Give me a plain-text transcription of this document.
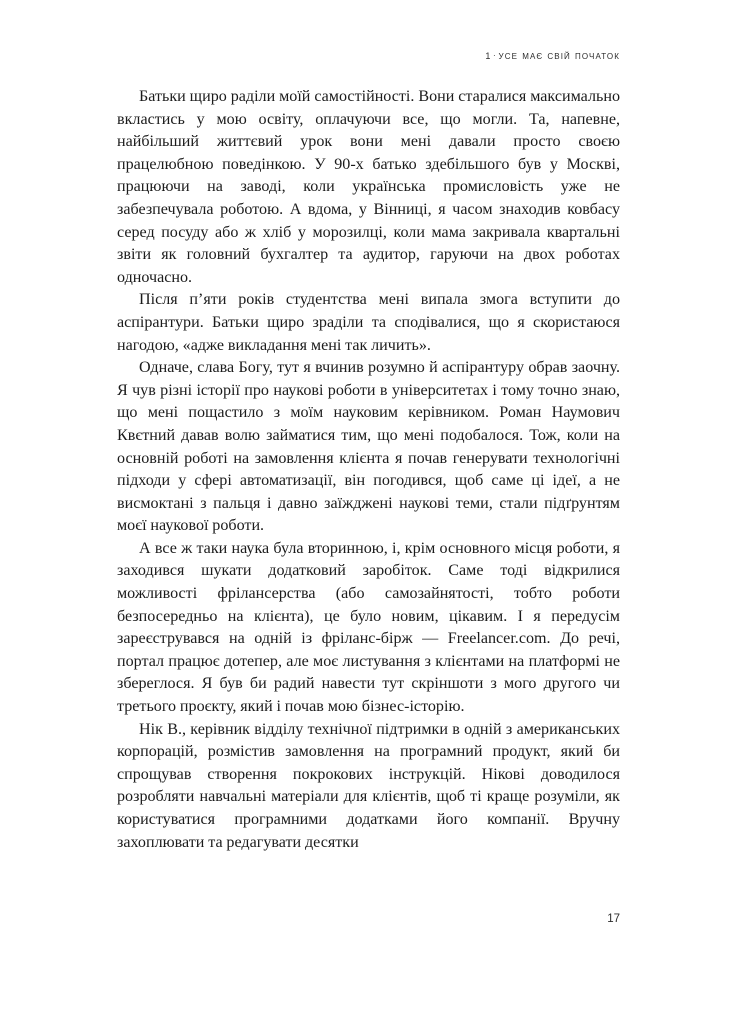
1 · усе має свій початок

Батьки щиро раділи моїй самостійності. Вони старалися максимально вкластись у мою освіту, оплачуючи все, що могли. Та, напевне, найбільший життєвий урок вони мені давали просто своєю працелюбною поведінкою. У 90-х батько здебільшого був у Москві, працюючи на заводі, коли українська промисловість уже не забезпечувала роботою. А вдома, у Вінниці, я часом знаходив ковбасу серед посуду або ж хліб у морозилці, коли мама закривала квартальні звіти як головний бухгалтер та аудитор, гаруючи на двох роботах одночасно.

Після п’яти років студентства мені випала змога вступити до аспірантури. Батьки щиро зраділи та сподівалися, що я скористаюся нагодою, «адже викладання мені так личить».

Одначе, слава Богу, тут я вчинив розумно й аспірантуру обрав заочну. Я чув різні історії про наукові роботи в університетах і тому точно знаю, що мені пощастило з моїм науковим керівником. Роман Наумович Квєтний давав волю займатися тим, що мені подобалося. Тож, коли на основній роботі на замовлення клієнта я почав генерувати технологічні підходи у сфері автоматизації, він погодився, щоб саме ці ідеї, а не висмоктані з пальця і давно заїжджені наукові теми, стали підґрунтям моєї наукової роботи.

А все ж таки наука була вторинною, і, крім основного місця роботи, я заходився шукати додатковий заробіток. Саме тоді відкрилися можливості фрілансерства (або самозайнятості, тобто роботи безпосередньо на клієнта), це було новим, цікавим. І я передусім зареєструвався на одній із фріланс-бірж — Freelancer.com. До речі, портал працює дотепер, але моє листування з клієнтами на платформі не збереглося. Я був би радий навести тут скріншоти з мого другого чи третього проєкту, який і почав мою бізнес-історію.

Нік В., керівник відділу технічної підтримки в одній з американських корпорацій, розмістив замовлення на програмний продукт, який би спрощував створення покрокових інструкцій. Нікові доводилося розробляти навчальні матеріали для клієнтів, щоб ті краще розуміли, як користуватися програмними додатками його компанії. Вручну захоплювати та редагувати десятки

17
